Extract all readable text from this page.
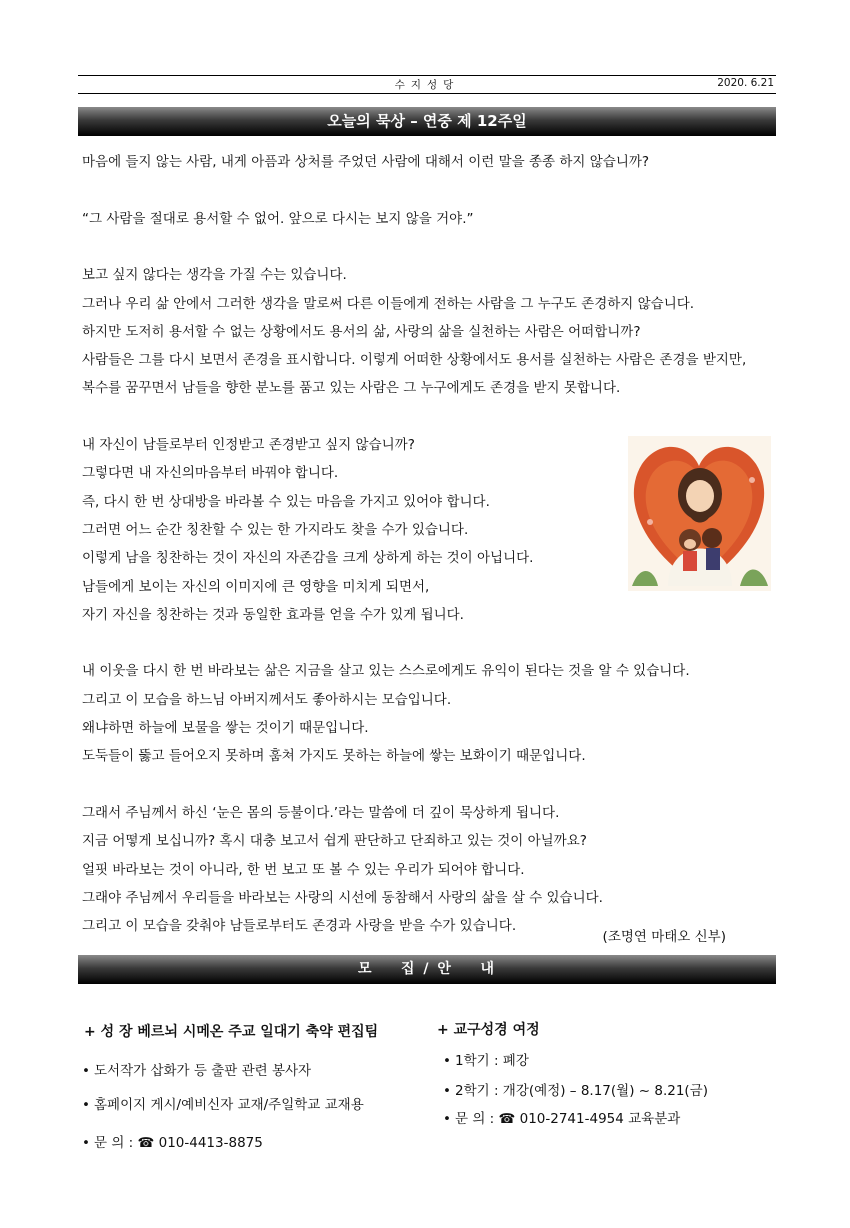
수지성당	2020. 6.21
오늘의 묵상 – 연중 제 12주일
마음에 들지 않는 사람, 내게 아픔과 상처를 주었던 사람에 대해서 이런 말을 종종 하지 않습니까?
“그 사람을 절대로 용서할 수 없어. 앞으로 다시는 보지 않을 거야.”
보고 싶지 않다는 생각을 가질 수는 있습니다.
그러나 우리 삶 안에서 그러한 생각을 말로써 다른 이들에게 전하는 사람을 그 누구도 존경하지 않습니다.
하지만 도저히 용서할 수 없는 상황에서도 용서의 삶, 사랑의 삶을 실천하는 사람은 어떠합니까?
사람들은 그를 다시 보면서 존경을 표시합니다. 이렇게 어떠한 상황에서도 용서를 실천하는 사람은 존경을 받지만,
복수를 꿈꾸면서 남들을 향한 분노를 품고 있는 사람은 그 누구에게도 존경을 받지 못합니다.
내 자신이 남들로부터 인정받고 존경받고 싶지 않습니까?
그렇다면 내 자신의마음부터 바꿔야 합니다.
즉, 다시 한 번 상대방을 바라볼 수 있는 마음을 가지고 있어야 합니다.
그러면 어느 순간 칭찬할 수 있는 한 가지라도 찾을 수가 있습니다.
이렇게 남을 칭찬하는 것이 자신의 자존감을 크게 상하게 하는 것이 아닙니다.
남들에게 보이는 자신의 이미지에 큰 영향을 미치게 되면서,
자기 자신을 칭찬하는 것과 동일한 효과를 얻을 수가 있게 됩니다.
내 이웃을 다시 한 번 바라보는 삶은 지금을 살고 있는 스스로에게도 유익이 된다는 것을 알 수 있습니다.
그리고 이 모습을 하느님 아버지께서도 좋아하시는 모습입니다.
왜냐하면 하늘에 보물을 쌓는 것이기 때문입니다.
도둑들이 뚫고 들어오지 못하며 훔쳐 가지도 못하는 하늘에 쌓는 보화이기 때문입니다.
그래서 주님께서 하신 ‘눈은 몸의 등불이다.’라는 말씀에 더 깊이 묵상하게 됩니다.
지금 어떻게 보십니까? 혹시 대충 보고서 쉽게 판단하고 단죄하고 있는 것이 아닐까요?
얼핏 바라보는 것이 아니라, 한 번 보고 또 볼 수 있는 우리가 되어야 합니다.
그래야 주님께서 우리들을 바라보는 사랑의 시선에 동참해서 사랑의 삶을 살 수 있습니다.
그리고 이 모습을 갖춰야 남들로부터도 존경과 사랑을 받을 수가 있습니다.
(조명연 마태오 신부)
모    집 / 안    내
+ 성 장 베르뇌 시메온 주교 일대기 축약 편집팀
• 도서작가 삽화가 등 출판 관련 봉사자
• 홈페이지 게시/예비신자 교재/주일학교 교재용
• 문 의 : ☎ 010-4413-8875
+ 교구성경 여정
• 1학기 : 폐강
• 2학기 : 개강(예정) – 8.17(월) ~ 8.21(금)
• 문 의 : ☎ 010-2741-4954 교육분과
